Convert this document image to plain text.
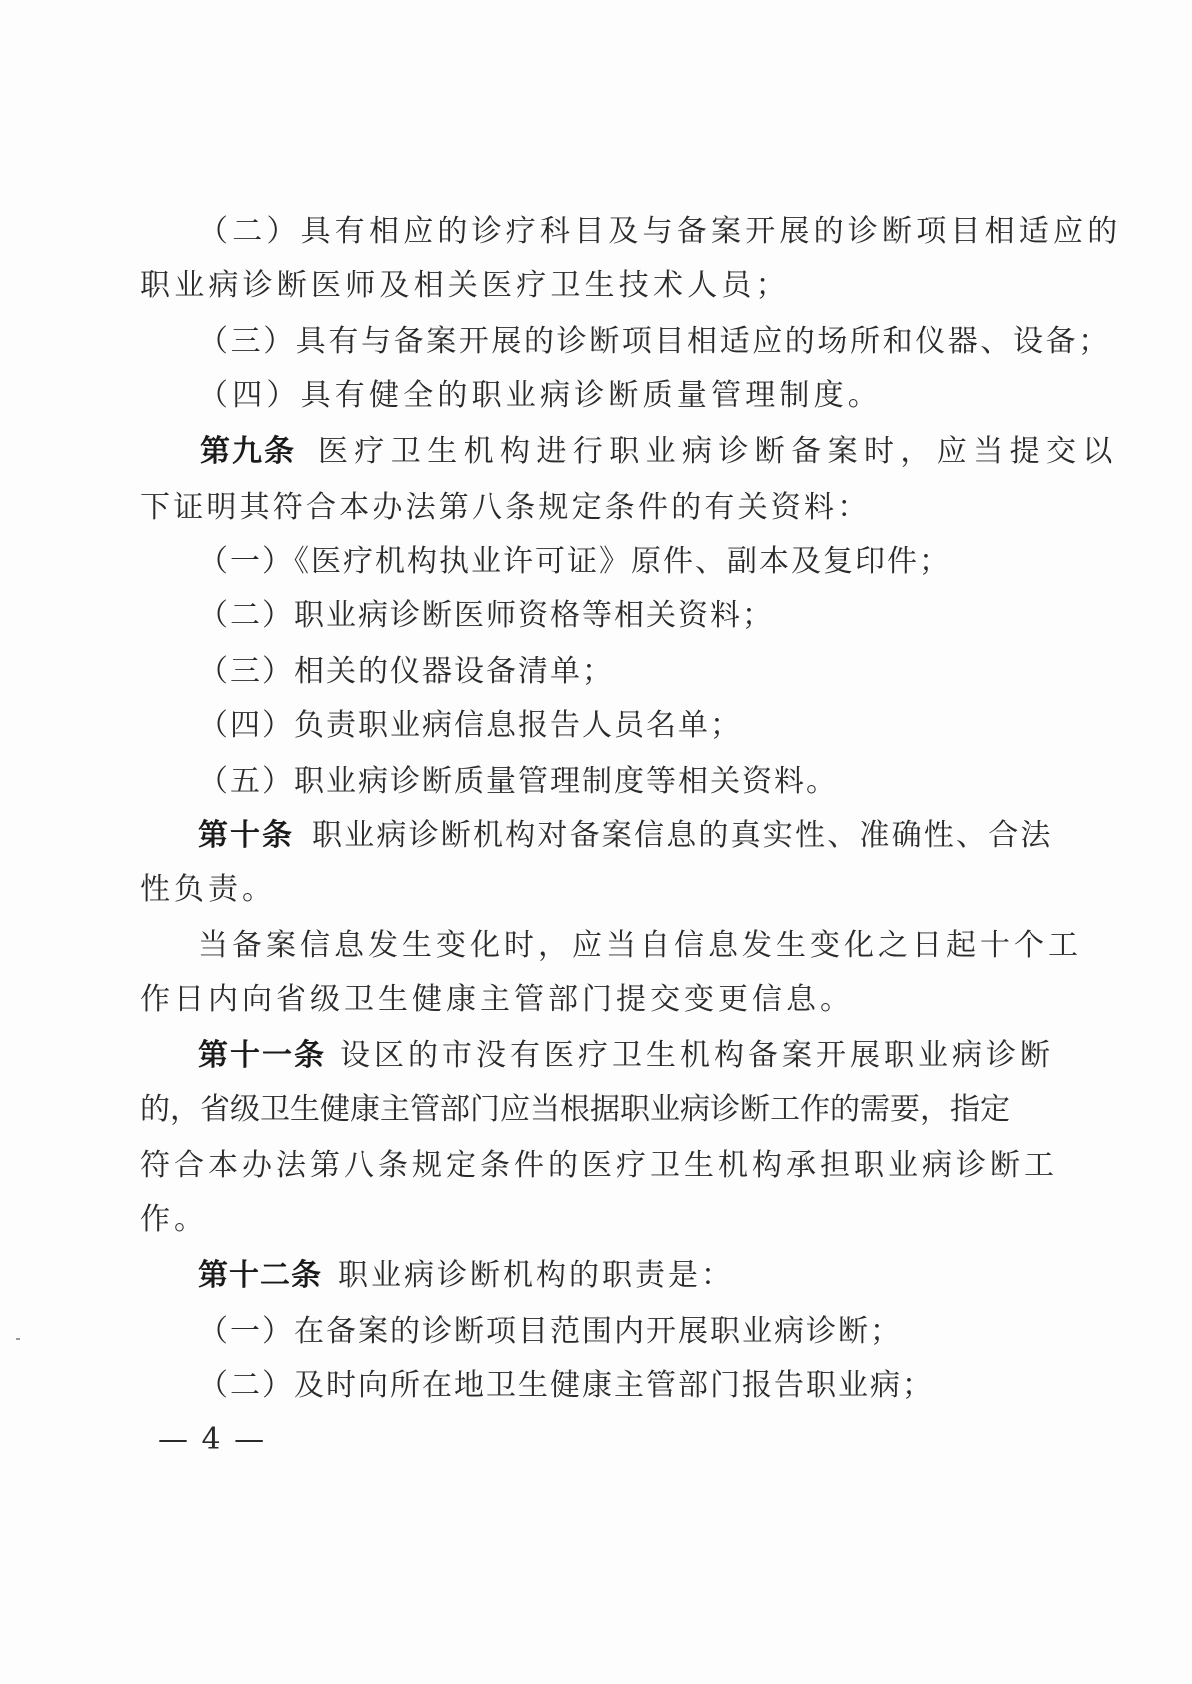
（二）具有相应的诊疗科目及与备案开展的诊断项目相适应的
职业病诊断医师及相关医疗卫生技术人员；
（三）具有与备案开展的诊断项目相适应的场所和仪器、设备；
（四）具有健全的职业病诊断质量管理制度。
第九条 医疗卫生机构进行职业病诊断备案时，应当提交以
下证明其符合本办法第八条规定条件的有关资料：
（一）《医疗机构执业许可证》原件、副本及复印件；
（二）职业病诊断医师资格等相关资料；
（三）相关的仪器设备清单；
（四）负责职业病信息报告人员名单；
（五）职业病诊断质量管理制度等相关资料。
第十条 职业病诊断机构对备案信息的真实性、准确性、合法
性负责。
当备案信息发生变化时，应当自信息发生变化之日起十个工
作日内向省级卫生健康主管部门提交变更信息。
第十一条 设区的市没有医疗卫生机构备案开展职业病诊断
的，省级卫生健康主管部门应当根据职业病诊断工作的需要，指定
符合本办法第八条规定条件的医疗卫生机构承担职业病诊断工
作。
第十二条 职业病诊断机构的职责是：
（一）在备案的诊断项目范围内开展职业病诊断；
（二）及时向所在地卫生健康主管部门报告职业病；
— 4 —
